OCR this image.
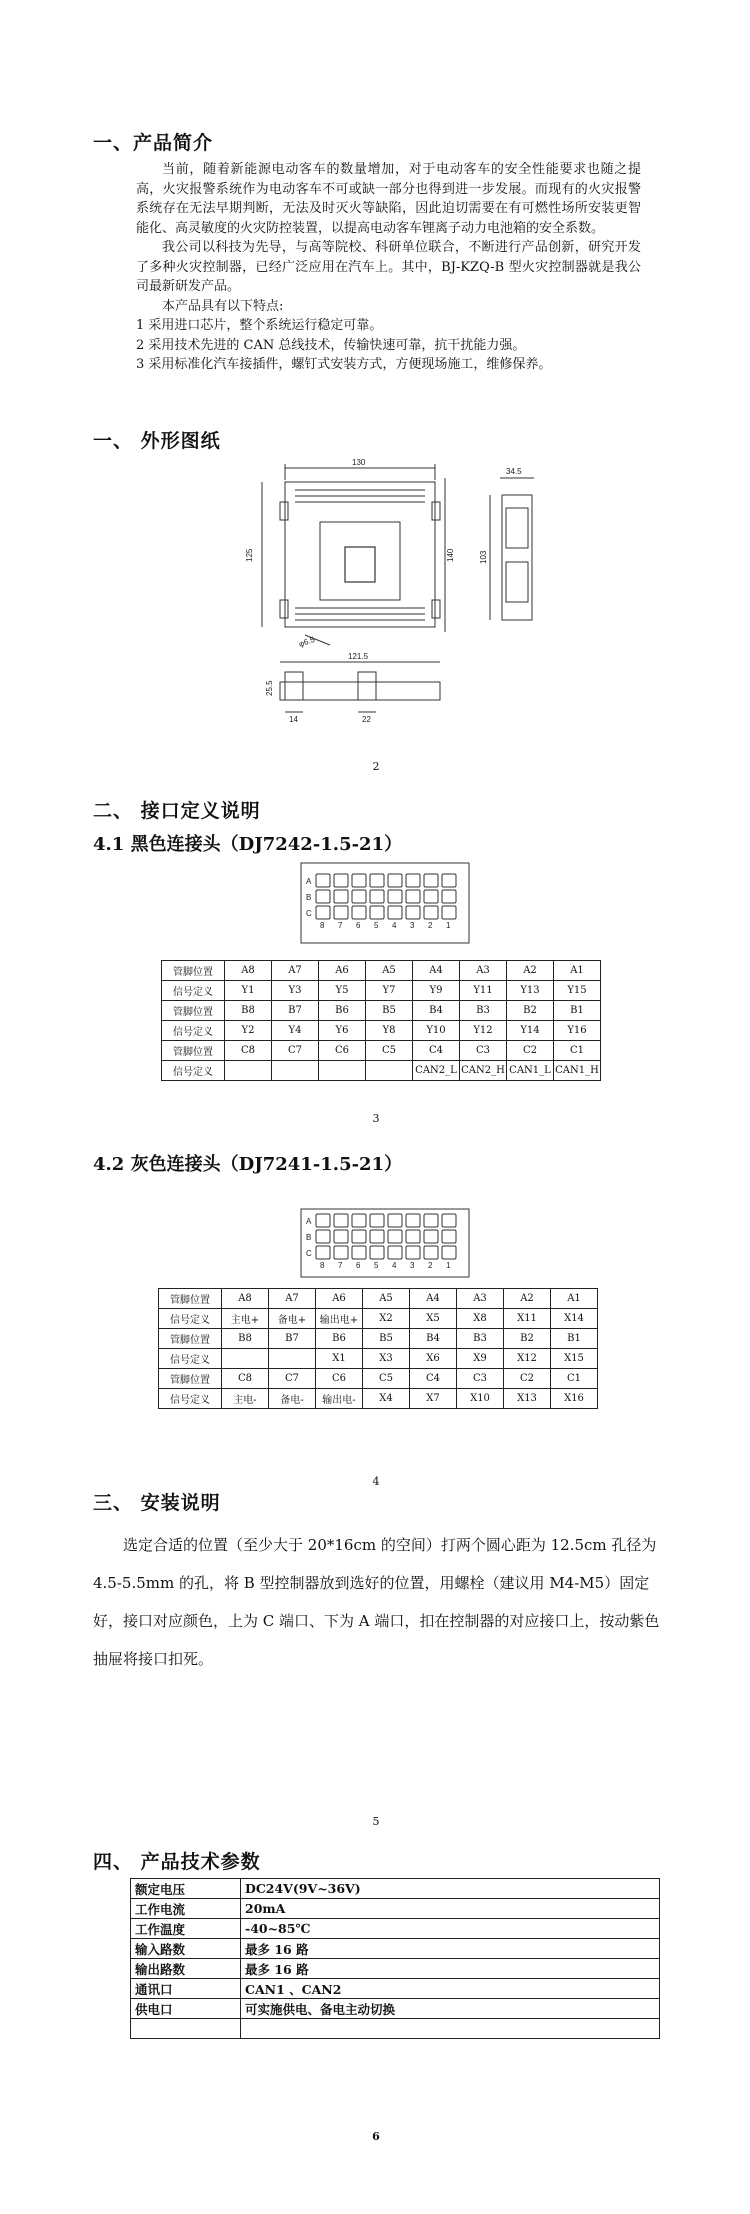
一、产品简介

当前，随着新能源电动客车的数量增加，对于电动客车的安全性能要求也随之提高，火灾报警系统作为电动客车不可或缺一部分也得到进一步发展。而现有的火灾报警系统存在无法早期判断，无法及时灭火等缺陷，因此迫切需要在有可燃性场所安装更智能化、高灵敏度的火灾防控装置，以提高电动客车锂离子动力电池箱的安全系数。

我公司以科技为先导，与高等院校、科研单位联合，不断进行产品创新，研究开发了多种火灾控制器，已经广泛应用在汽车上。其中，BJ-KZQ-B 型火灾控制器就是我公司最新研发产品。

本产品具有以下特点:

1 采用进口芯片，整个系统运行稳定可靠。

2 采用技术先进的 CAN 总线技术，传输快速可靠，抗干扰能力强。

3 采用标准化汽车接插件，螺钉式安装方式，方便现场施工，维修保养。

一、 外形图纸
130
125	140
34.5
103
φ6.5
121.5
25.5
14	22
2
二、 接口定义说明
4.1 黑色连接头（DJ7242-1.5-21）
A
B
C
8 7 6 5 4 3 2 1
管脚位置	A8	A7	A6	A5	A4	A3	A2	A1
信号定义	Y1	Y3	Y5	Y7	Y9	Y11	Y13	Y15
管脚位置	B8	B7	B6	B5	B4	B3	B2	B1
信号定义	Y2	Y4	Y6	Y8	Y10	Y12	Y14	Y16
管脚位置	C8	C7	C6	C5	C4	C3	C2	C1
信号定义					CAN2_L	CAN2_H	CAN1_L	CAN1_H
3
4.2 灰色连接头（DJ7241-1.5-21）
A
B
C
8 7 6 5 4 3 2 1
管脚位置	A8	A7	A6	A5	A4	A3	A2	A1
信号定义	主电+	备电+	输出电+	X2	X5	X8	X11	X14
管脚位置	B8	B7	B6	B5	B4	B3	B2	B1
信号定义			X1	X3	X6	X9	X12	X15
管脚位置	C8	C7	C6	C5	C4	C3	C2	C1
信号定义	主电-	备电-	输出电-	X4	X7	X10	X13	X16
4
三、 安装说明

选定合适的位置（至少大于 20*16cm 的空间）打两个圆心距为 12.5cm 孔径为 4.5-5.5mm 的孔，将 B 型控制器放到选好的位置，用螺栓（建议用 M4-M5）固定好，接口对应颜色，上为 C 端口、下为 A 端口，扣在控制器的对应接口上，按动紫色抽屉将接口扣死。

5
四、 产品技术参数
额定电压	DC24V(9V~36V)
工作电流	20mA
工作温度	-40~85℃
输入路数	最多 16 路
输出路数	最多 16 路
通讯口	CAN1 、CAN2
供电口	可实施供电、备电主动切换

6
